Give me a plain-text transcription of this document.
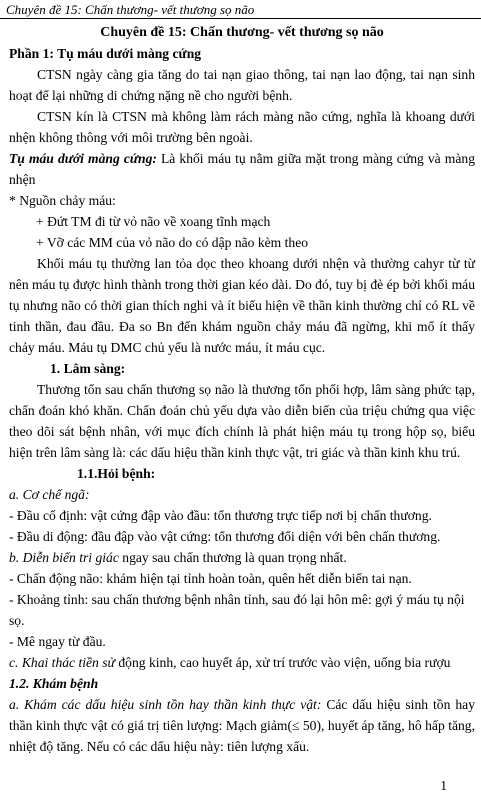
Chuyên đề 15: Chấn thương- vết thương sọ não

Chuyên đề 15: Chấn thương- vết thương sọ não

Phần 1: Tụ máu dưới màng cứng

CTSN ngày càng gia tăng do tai nạn giao thông, tai nạn lao động, tai nạn sinh hoạt để lại những di chứng nặng nề cho người bệnh.

CTSN kín là CTSN mà không làm rách màng não cứng, nghĩa là khoang dưới nhện không thông với môi trường bên ngoài.

Tụ máu dưới màng cứng: Là khối máu tụ nằm giữa mặt trong màng cứng và màng nhện

* Nguồn chảy máu:

+ Đứt TM đi từ vỏ não về xoang tĩnh mạch

+ Vỡ các MM của vỏ não do có dập não kèm theo

Khối máu tụ thường lan tỏa dọc theo khoang dưới nhện và thường cahyr từ từ nên máu tụ được hình thành trong thời gian kéo dài. Do đó, tuy bị đè ép bởi khối máu tụ nhưng não có thời gian thích nghi và ít biểu hiện về thần kinh thường chỉ có RL về tinh thần, đau đầu. Đa so Bn đến khám nguồn chảy máu đã ngừng, khi mổ ít thấy chảy máu. Máu tụ DMC chủ yếu là nước máu, ít máu cục.

1. Lâm sàng:

Thương tổn sau chấn thương sọ não là thương tổn phối hợp, lâm sàng phức tạp, chẩn đoán khó khăn. Chẩn đoán chủ yếu dựa vào diễn biến của triệu chứng qua việc theo dõi sát bệnh nhân, với mục đích chính là phát hiện máu tụ trong hộp sọ, biểu hiện trên lâm sàng là: các dấu hiệu thần kinh thực vật, tri giác và thần kinh khu trú.

1.1.Hỏi bệnh:

a. Cơ chế ngã:

- Đầu cố định: vật cứng đập vào đầu: tổn thương trực tiếp nơi bị chấn thương.

- Đầu di động: đầu đập vào vật cứng: tổn thương đối diện với bên chấn thương.

b. Diễn biến tri giác ngay sau chấn thương là quan trọng nhất.

- Chấn động não: khám hiện tại tỉnh hoàn toàn, quên hết diễn biến tai nạn.

- Khoảng tỉnh: sau chấn thương bệnh nhân tỉnh, sau đó lại hôn mê: gợi ý máu tụ nội sọ.

- Mê ngay từ đầu.

c. Khai thác tiền sử động kinh, cao huyết áp, xử trí trước vào viện, uống bia rượu

1.2. Khám bệnh

a. Khám các dấu hiệu sinh tồn hay thần kinh thực vật: Các dấu hiệu sinh tồn hay thần kinh thực vật có giá trị tiên lượng: Mạch giảm(≤ 50), huyết áp tăng, hô hấp tăng, nhiệt độ tăng. Nếu có các dấu hiệu này: tiên lượng xấu.

1
